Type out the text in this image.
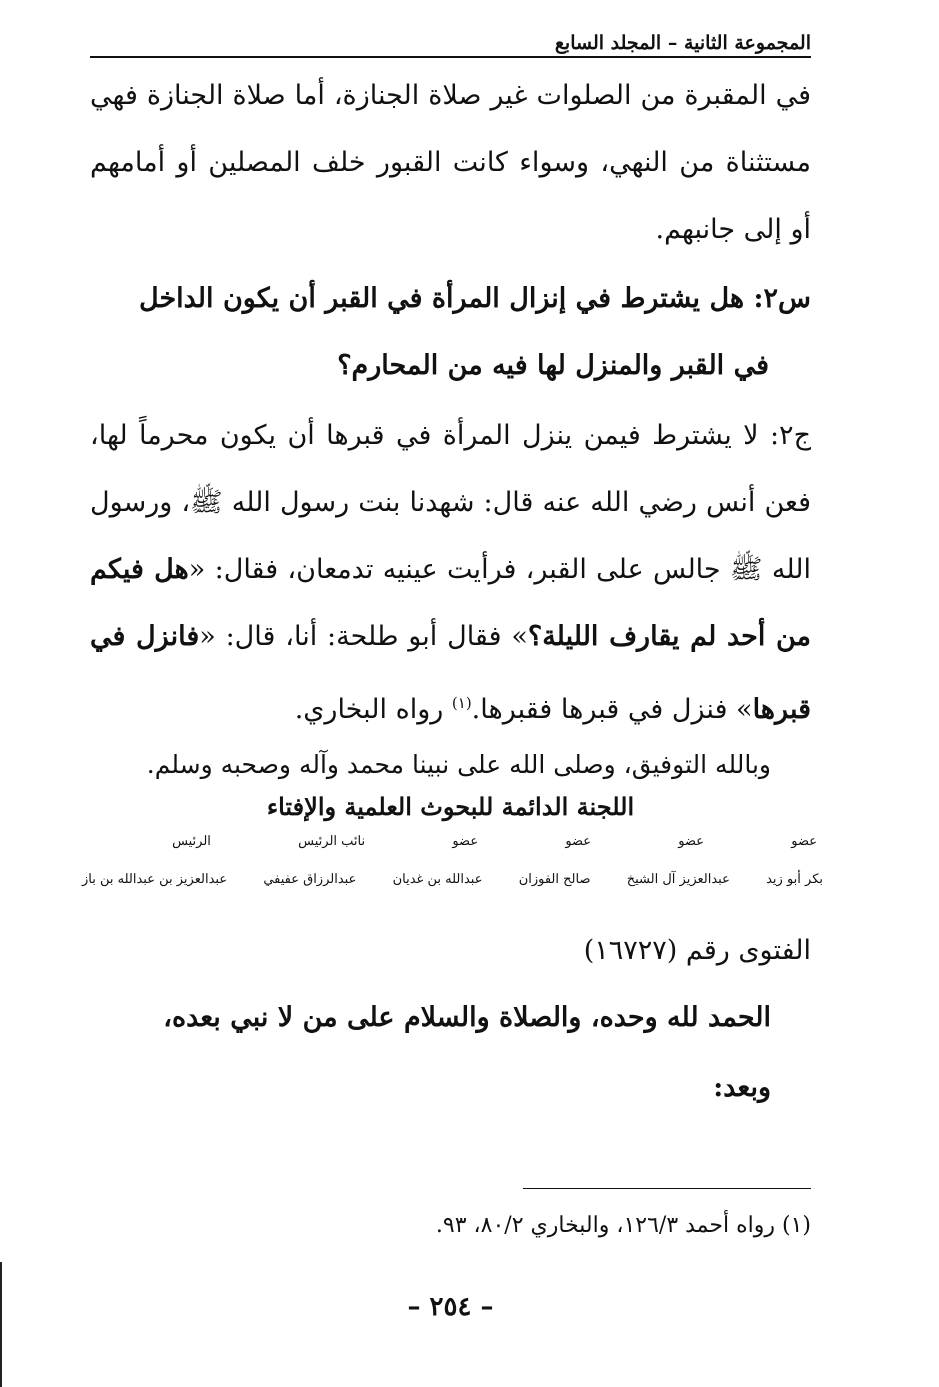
المجموعة الثانية – المجلد السابع

في المقبرة من الصلوات غير صلاة الجنازة، أما صلاة الجنازة فهي مستثناة من النهي، وسواء كانت القبور خلف المصلين أو أمامهم أو إلى جانبهم.

س٢: هل يشترط في إنزال المرأة في القبر أن يكون الداخل
في القبر والمنزل لها فيه من المحارم؟

ج٢: لا يشترط فيمن ينزل المرأة في قبرها أن يكون محرماً لها، فعن أنس رضي الله عنه قال: شهدنا بنت رسول الله ﷺ، ورسول الله ﷺ جالس على القبر، فرأيت عينيه تدمعان، فقال: «هل فيكم من أحد لم يقارف الليلة؟» فقال أبو طلحة: أنا، قال: «فانزل في قبرها» فنزل في قبرها فقبرها.$^{(١)}$ رواه البخاري.

وبالله التوفيق، وصلى الله على نبينا محمد وآله وصحبه وسلم.

اللجنة الدائمة للبحوث العلمية والإفتاء
عضو
عضو
عضو
عضو
نائب الرئيس
الرئيس
بكر أبو زيد
عبدالعزيز آل الشيخ
صالح الفوزان
عبدالله بن غديان
عبدالرزاق عفيفي
عبدالعزيز بن عبدالله بن باز
الفتوى رقم (١٦٧٢٧)
الحمد لله وحده، والصلاة والسلام على من لا نبي بعده،
وبعد:
(١) رواه أحمد ١٢٦/٣، والبخاري ٨٠/٢، ٩٣.
– ٢٥٤ –
